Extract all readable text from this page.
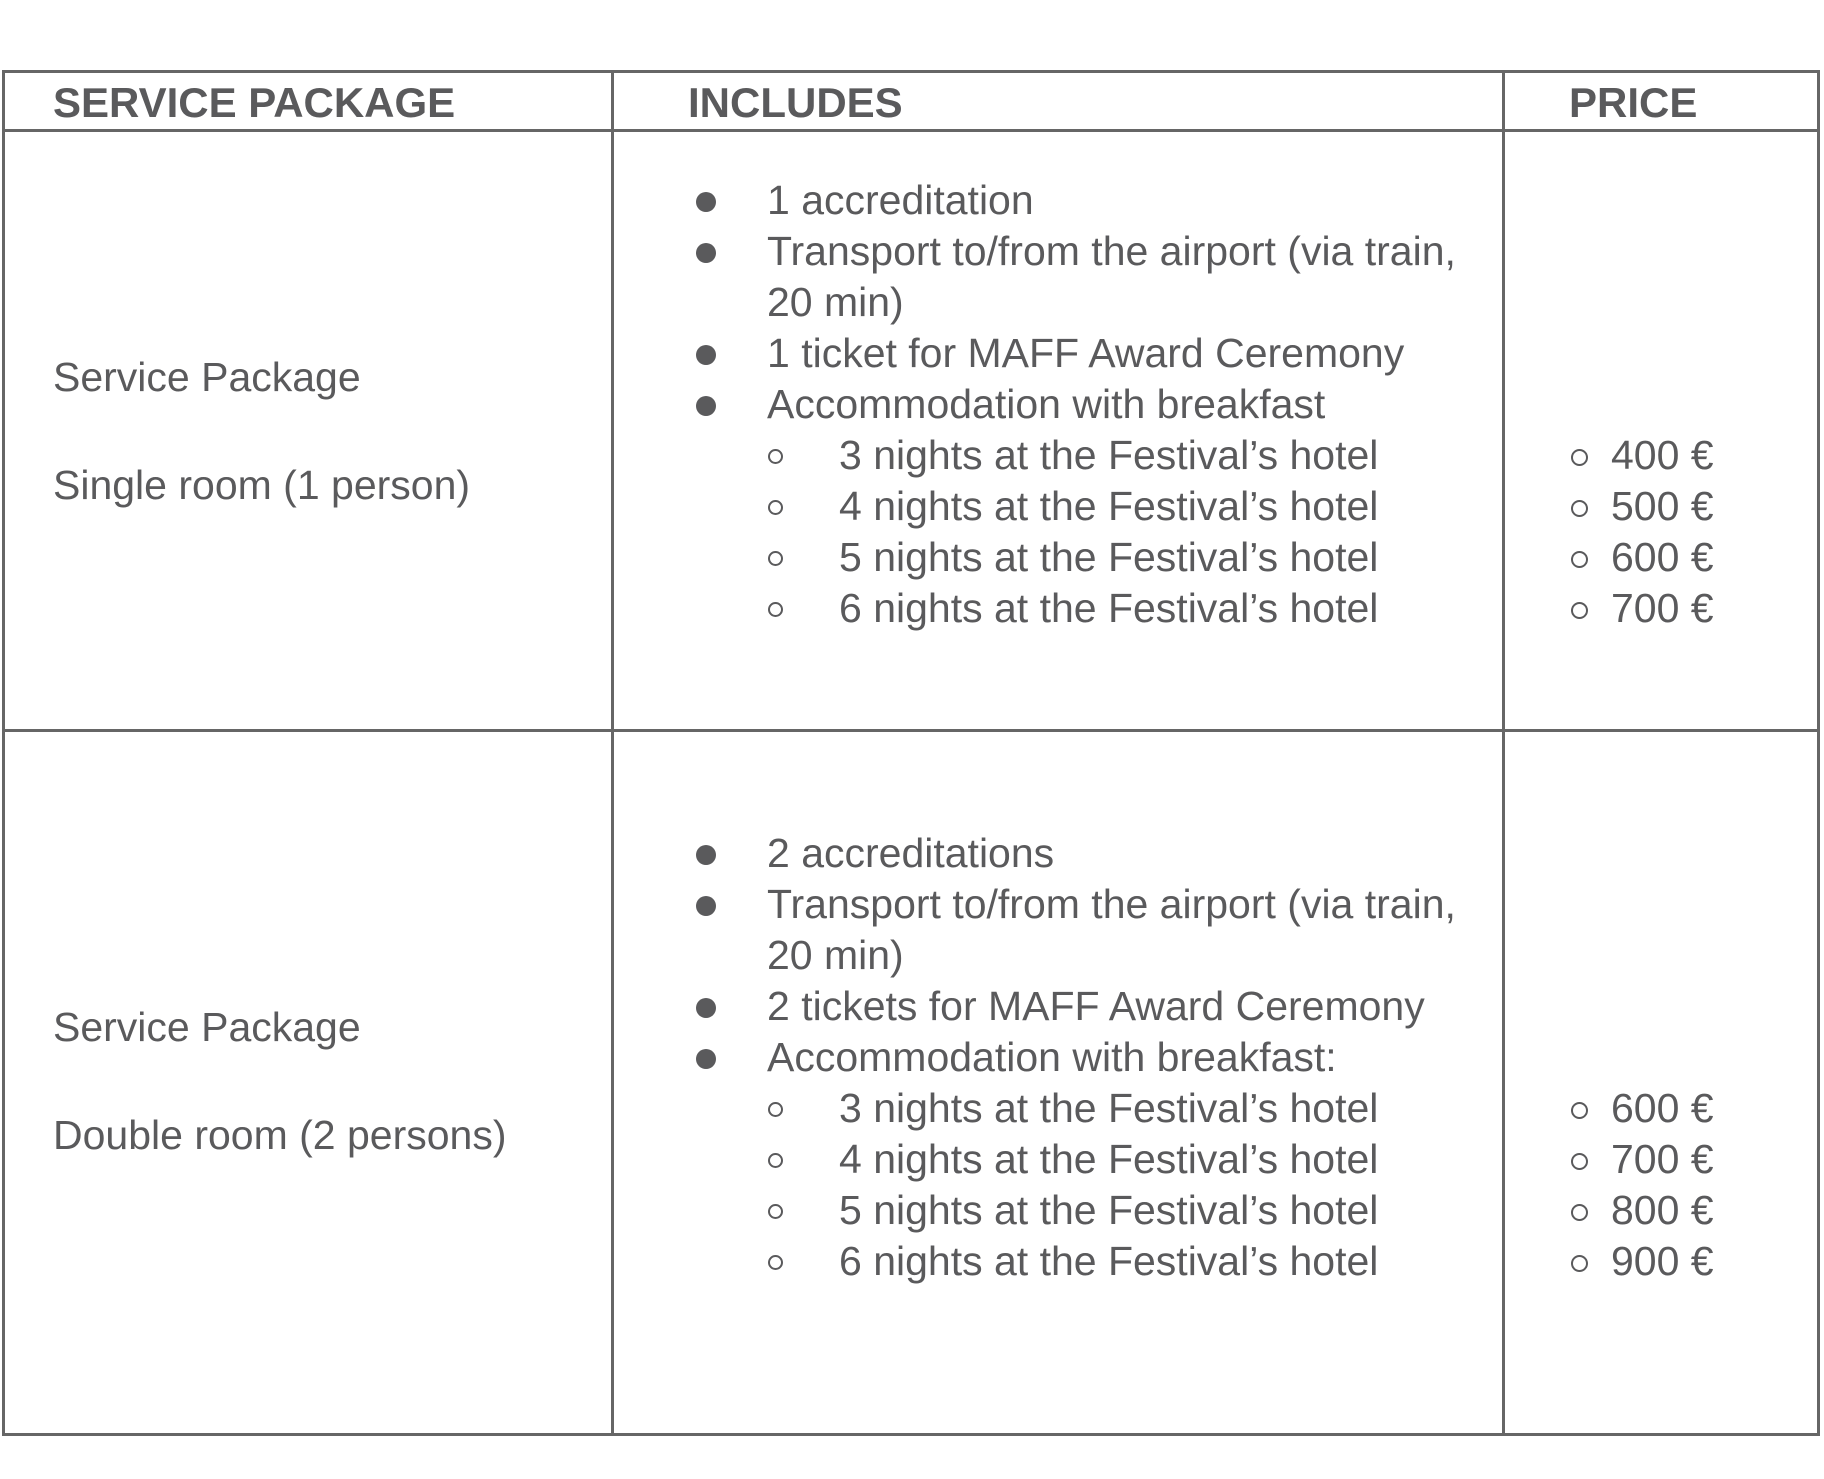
SERVICE PACKAGE	INCLUDES	PRICE
Service Package
Single room (1 person)
1 accreditation
Transport to/from the airport (via train, 20 min)
1 ticket for MAFF Award Ceremony
Accommodation with breakfast
3 nights at the Festival’s hotel
4 nights at the Festival’s hotel
5 nights at the Festival’s hotel
6 nights at the Festival’s hotel
400 €
500 €
600 €
700 €
Service Package
Double room (2 persons)
2 accreditations
Transport to/from the airport (via train, 20 min)
2 tickets for MAFF Award Ceremony
Accommodation with breakfast:
3 nights at the Festival’s hotel
4 nights at the Festival’s hotel
5 nights at the Festival’s hotel
6 nights at the Festival’s hotel
600 €
700 €
800 €
900 €
